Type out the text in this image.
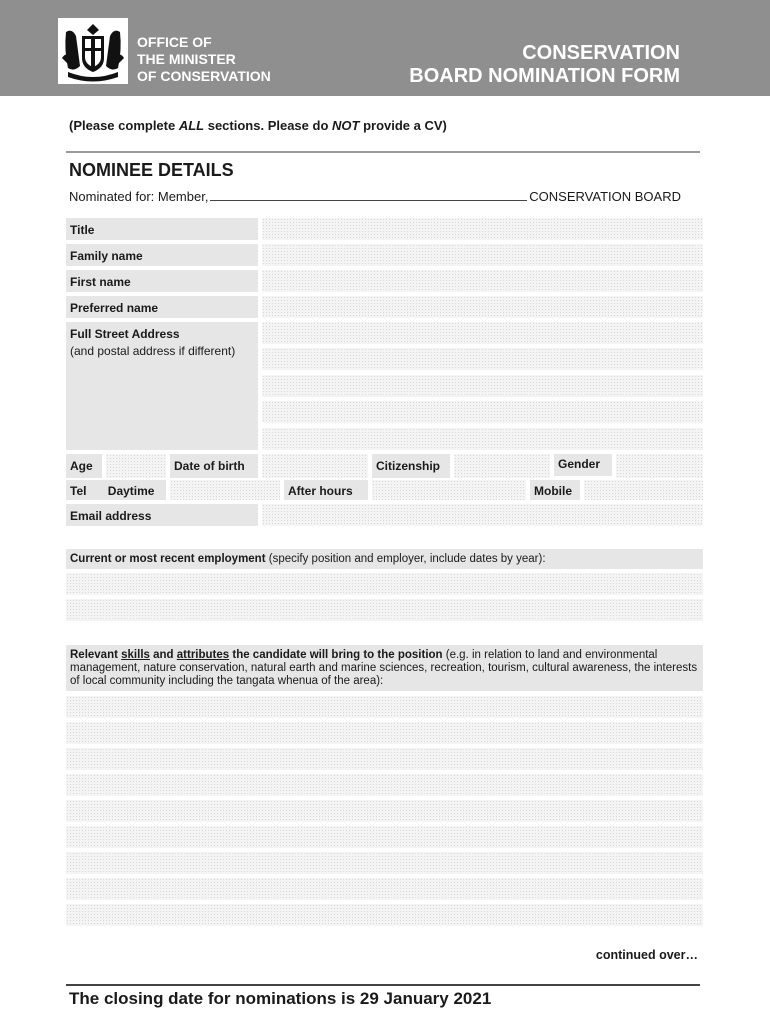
OFFICE OF
THE MINISTER
OF CONSERVATION
CONSERVATION
BOARD NOMINATION FORM
(Please complete ALL sections. Please do NOT provide a CV)
NOMINEE DETAILS
Nominated for: Member,	CONSERVATION BOARD
Title
Family name
First name
Preferred name
Full Street Address
(and postal address if different)
Age	Date of birth	Citizenship	Gender
Tel Daytime	After hours	Mobile
Email address
Current or most recent employment (specify position and employer, include dates by year):
Relevant skills and attributes the candidate will bring to the position (e.g. in relation to land and environmental management, nature conservation, natural earth and marine sciences, recreation, tourism, cultural awareness, the interests of local community including the tangata whenua of the area):
continued over…
The closing date for nominations is 29 January 2021
